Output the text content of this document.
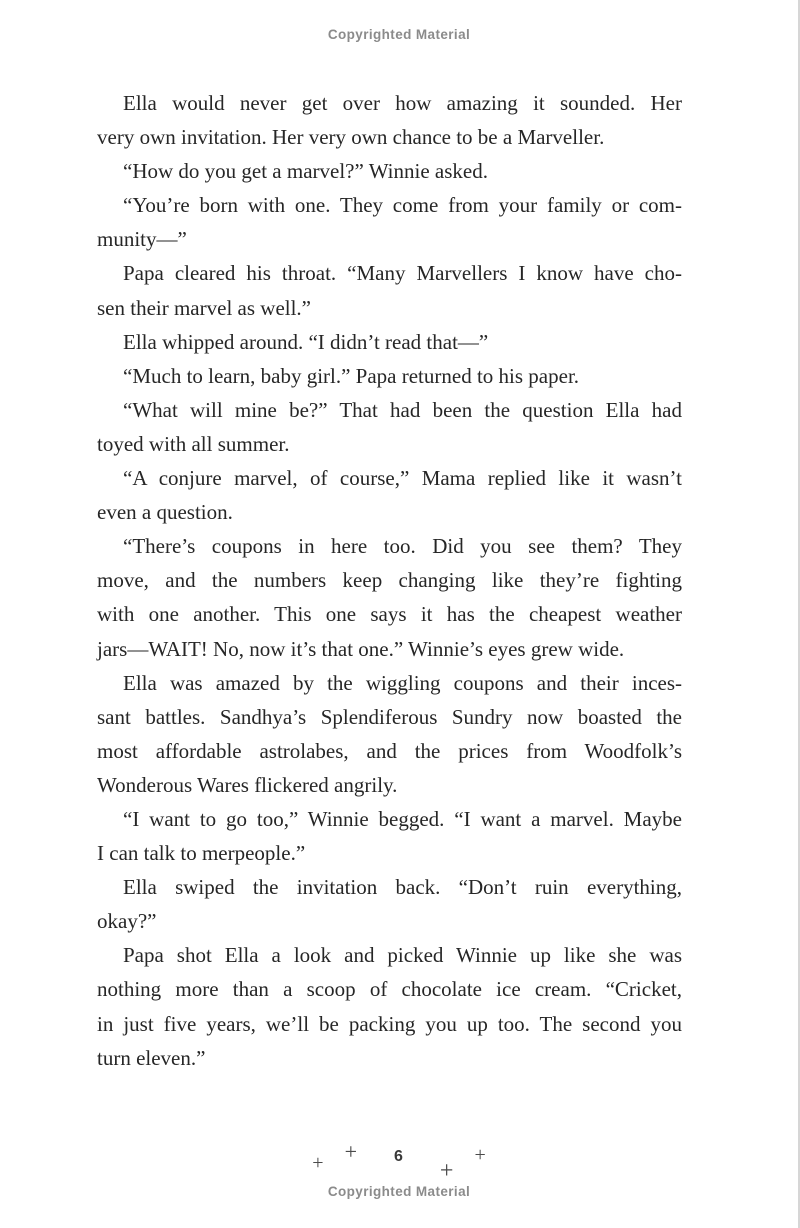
Copyrighted Material
Ella would never get over how amazing it sounded. Her
very own invitation. Her very own chance to be a Marveller.
“How do you get a marvel?” Winnie asked.
“You’re born with one. They come from your family or com-
munity—”
Papa cleared his throat. “Many Marvellers I know have cho-
sen their marvel as well.”
Ella whipped around. “I didn’t read that—”
“Much to learn, baby girl.” Papa returned to his paper.
“What will mine be?” That had been the question Ella had
toyed with all summer.
“A conjure marvel, of course,” Mama replied like it wasn’t
even a question.
“There’s coupons in here too. Did you see them? They
move, and the numbers keep changing like they’re fighting
with one another. This one says it has the cheapest weather
jars—WAIT! No, now it’s that one.” Winnie’s eyes grew wide.
Ella was amazed by the wiggling coupons and their inces-
sant battles. Sandhya’s Splendiferous Sundry now boasted the
most affordable astrolabes, and the prices from Woodfolk’s
Wonderous Wares flickered angrily.
“I want to go too,” Winnie begged. “I want a marvel. Maybe
I can talk to merpeople.”
Ella swiped the invitation back. “Don’t ruin everything,
okay?”
Papa shot Ella a look and picked Winnie up like she was
nothing more than a scoop of chocolate ice cream. “Cricket,
in just five years, we’ll be packing you up too. The second you
turn eleven.”
+ + 6
+
+
Copyrighted Material
